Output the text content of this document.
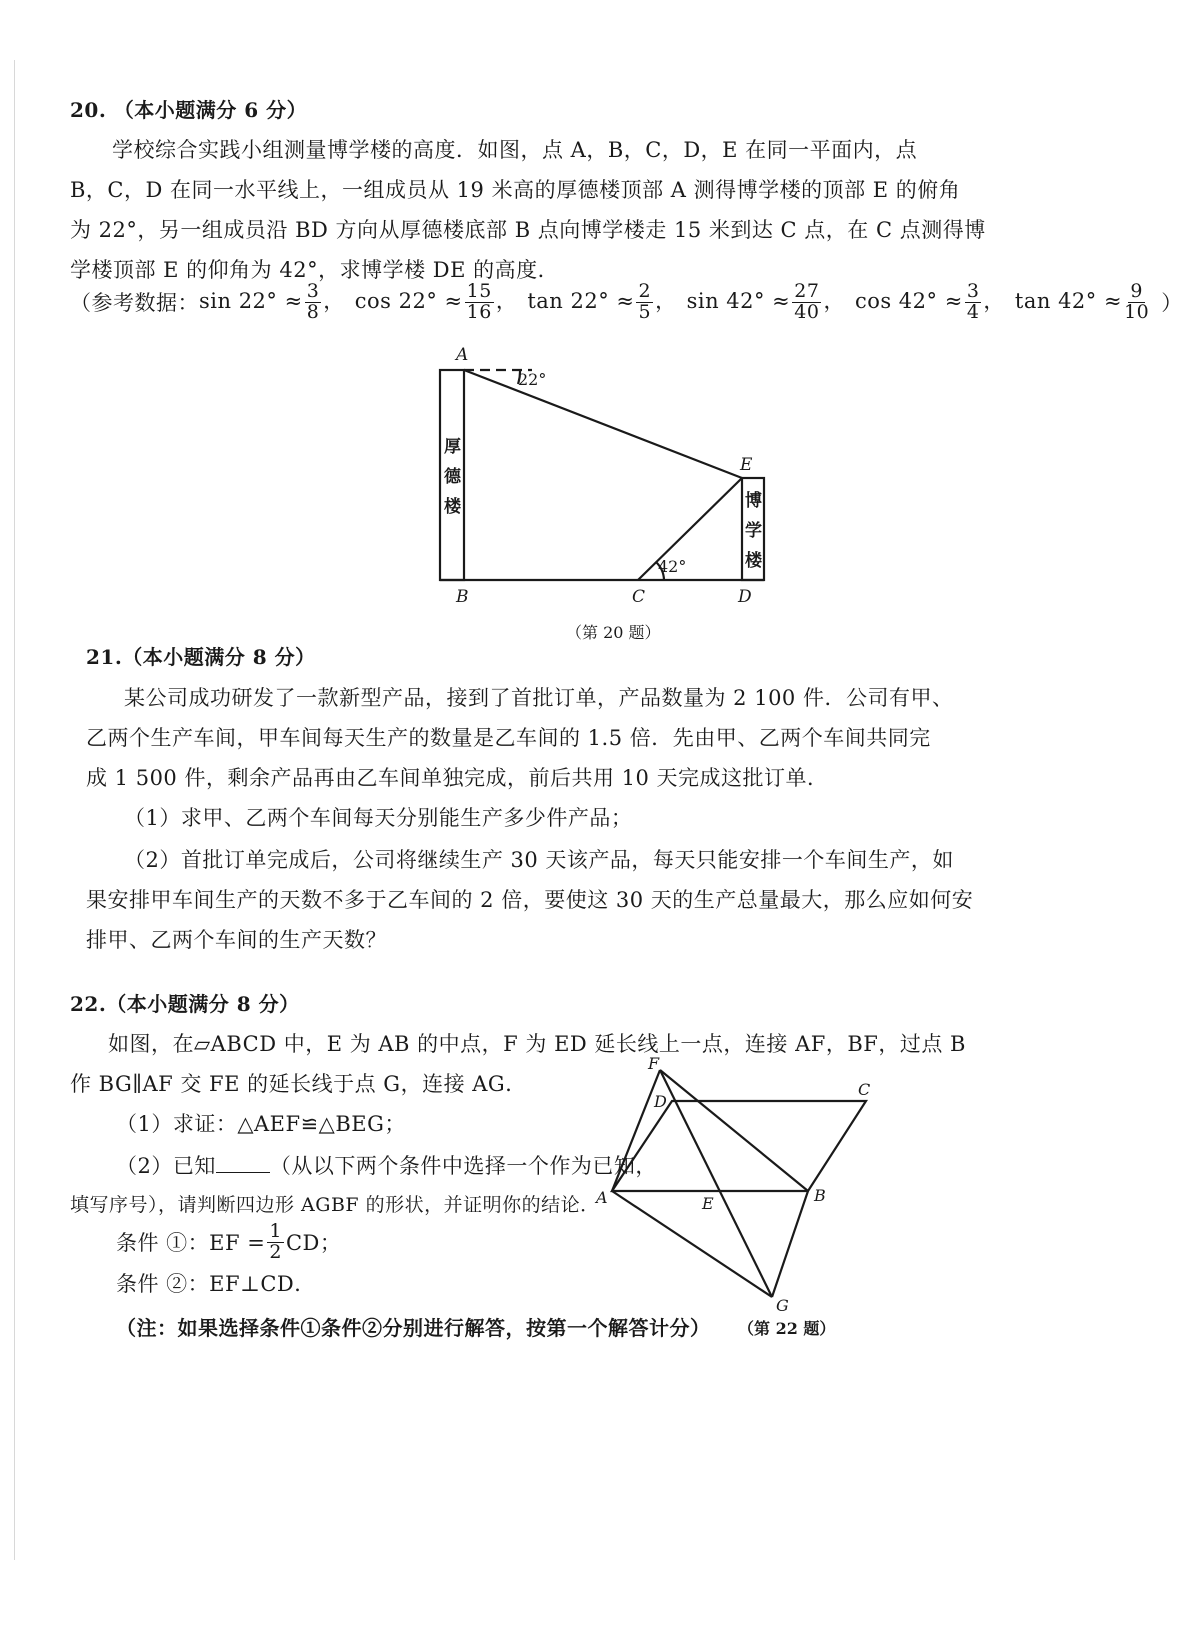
20. （本小题满分 6 分）
学校综合实践小组测量博学楼的高度．如图，点 A，B，C，D，E 在同一平面内，点
B，C，D 在同一水平线上，一组成员从 19 米高的厚德楼顶部 A 测得博学楼的顶部 E 的俯角
为 22°，另一组成员沿 BD 方向从厚德楼底部 B 点向博学楼走 15 米到达 C 点，在 C 点测得博
学楼顶部 E 的仰角为 42°，求博学楼 DE 的高度．
（参考数据： $\sin 22^\circ \approx \frac{3}{8}$ ， $\cos 22^\circ \approx \frac{15}{16}$ ， $\tan 22^\circ \approx \frac{2}{5}$ ， $\sin 42^\circ \approx \frac{27}{40}$ ， $\cos 42^\circ \approx \frac{3}{4}$ ， $\tan 42^\circ \approx \frac{9}{10}$ ）
A
B	C	D
E
22°
42°
厚
德
楼	博
学
楼
（第 20 题）
21.（本小题满分 8 分）
某公司成功研发了一款新型产品，接到了首批订单，产品数量为 2 100 件．公司有甲、
乙两个生产车间，甲车间每天生产的数量是乙车间的 1.5 倍．先由甲、乙两个车间共同完
成 1 500 件，剩余产品再由乙车间单独完成，前后共用 10 天完成这批订单．
（1）求甲、乙两个车间每天分别能生产多少件产品；
（2）首批订单完成后，公司将继续生产 30 天该产品，每天只能安排一个车间生产，如
果安排甲车间生产的天数不多于乙车间的 2 倍，要使这 30 天的生产总量最大，那么应如何安
排甲、乙两个车间的生产天数？
22.（本小题满分 8 分）
如图，在▱ABCD 中，E 为 AB 的中点，F 为 ED 延长线上一点，连接 AF，BF，过点 B
作 BG∥AF 交 FE 的延长线于点 G，连接 AG．
（1）求证：△AEF≌△BEG；
（2）已知	（从以下两个条件中选择一个作为已知，
填写序号），请判断四边形 AGBF 的形状，并证明你的结论．
条件 ①：EF = $\frac{1}{2}$ CD；
条件 ②：EF⊥CD．
（注：如果选择条件①条件②分别进行解答，按第一个解答计分）
F
D
C
A	E	B
G
（第 22 题）
